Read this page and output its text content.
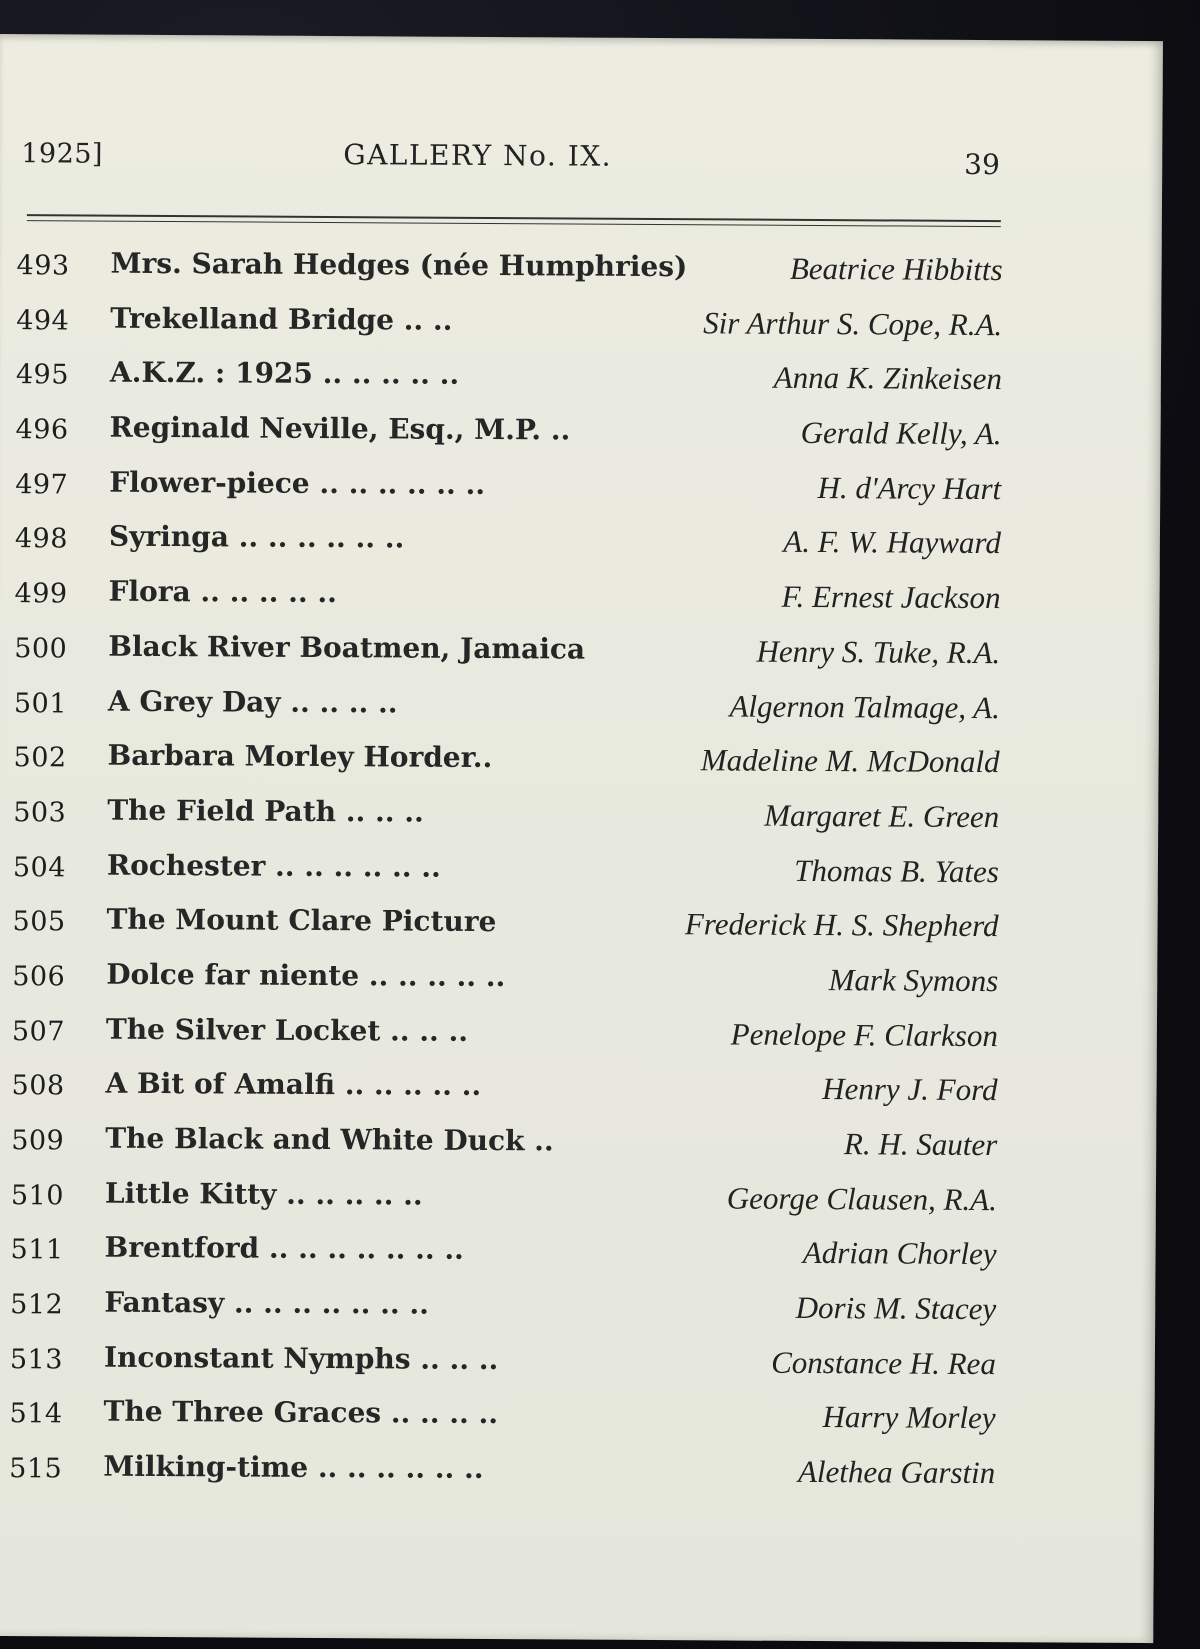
1925]	GALLERY No. IX.	39
493 Mrs. Sarah Hedges (née Humphries)	Beatrice Hibbitts
494 Trekelland Bridge .. ..	Sir Arthur S. Cope, R.A.
495 A.K.Z. : 1925 .. .. .. .. ..	Anna K. Zinkeisen
496 Reginald Neville, Esq., M.P. ..	Gerald Kelly, A.
497 Flower-piece .. .. .. .. .. ..	H. d'Arcy Hart
498 Syringa .. .. .. .. .. ..	A. F. W. Hayward
499 Flora .. .. .. .. ..	F. Ernest Jackson
500 Black River Boatmen, Jamaica	Henry S. Tuke, R.A.
501 A Grey Day .. .. .. ..	Algernon Talmage, A.
502 Barbara Morley Horder..	Madeline M. McDonald
503 The Field Path .. .. ..	Margaret E. Green
504 Rochester .. .. .. .. .. ..	Thomas B. Yates
505 The Mount Clare Picture	Frederick H. S. Shepherd
506 Dolce far niente .. .. .. .. ..	Mark Symons
507 The Silver Locket .. .. ..	Penelope F. Clarkson
508 A Bit of Amalfi .. .. .. .. ..	Henry J. Ford
509 The Black and White Duck ..	R. H. Sauter
510 Little Kitty .. .. .. .. ..	George Clausen, R.A.
511 Brentford .. .. .. .. .. .. ..	Adrian Chorley
512 Fantasy .. .. .. .. .. .. ..	Doris M. Stacey
513 Inconstant Nymphs .. .. ..	Constance H. Rea
514 The Three Graces .. .. .. ..	Harry Morley
515 Milking-time .. .. .. .. .. ..	Alethea Garstin
